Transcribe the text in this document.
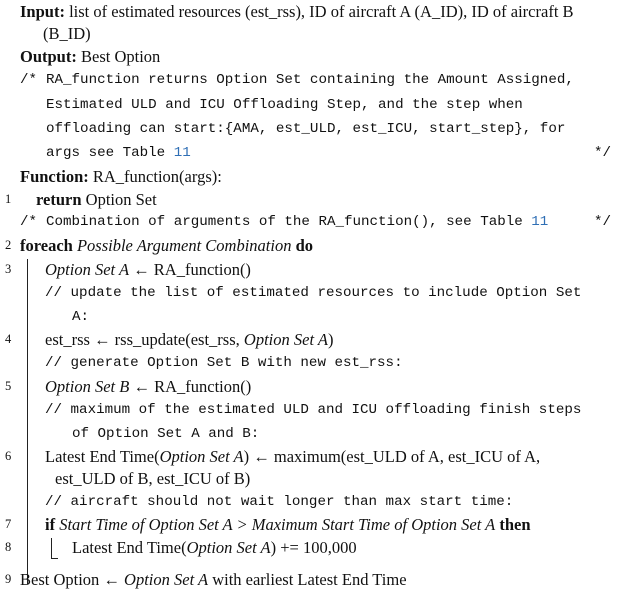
Input: list of estimated resources (est_rss), ID of aircraft A (A_ID), ID of aircraft B
(B_ID)
Output: Best Option
/* RA_function returns Option Set containing the Amount Assigned,
Estimated ULD and ICU Offloading Step, and the step when
offloading can start:{AMA, est_ULD, est_ICU, start_step}, for
args see Table 11	*/
Function: RA_function(args):
1 return Option Set
/* Combination of arguments of the RA_function(), see Table 11	*/
2 foreach Possible Argument Combination do
3 Option Set A ← RA_function()
// update the list of estimated resources to include Option Set
A:
4 est_rss ← rss_update(est_rss, Option Set A)
// generate Option Set B with new est_rss:
5 Option Set B ← RA_function()
// maximum of the estimated ULD and ICU offloading finish steps
of Option Set A and B:
6 Latest End Time(Option Set A) ← maximum(est_ULD of A, est_ICU of A,
est_ULD of B, est_ICU of B)
// aircraft should not wait longer than max start time:
7 if Start Time of Option Set A > Maximum Start Time of Option Set A then
8	Latest End Time(Option Set A) += 100,000
9 Best Option ← Option Set A with earliest Latest End Time
